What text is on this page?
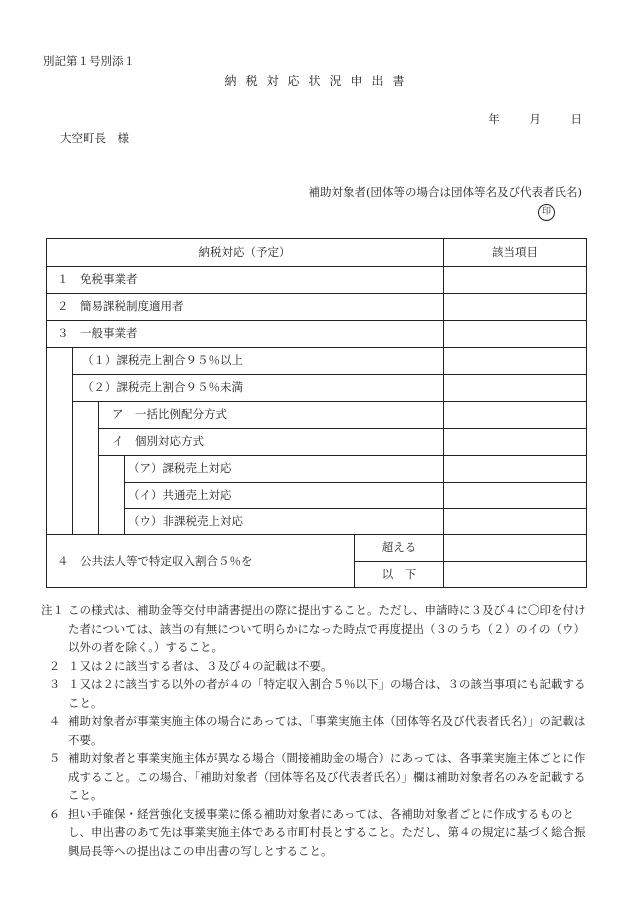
別記第１号別添１
納税対応状況申出書
年 月 日
大空町長　様
補助対象者(団体等の場合は団体等名及び代表者氏名)
印
納税対応（予定）	該当項目
１　免税事業者
２　簡易課税制度適用者
３　一般事業者
（１）課税売上割合９５％以上
（２）課税売上割合９５％未満
ア　一括比例配分方式
イ　個別対応方式
（ア）課税売上対応
（イ）共通売上対応
（ウ）非課税売上対応
４　公共法人等で特定収入割合５％を
超える
以　下
注１ この様式は、補助金等交付申請書提出の際に提出すること。ただし、申請時に３及び４に〇印を付けた者については、該当の有無について明らかになった時点で再度提出（３のうち（２）のイの（ウ）以外の者を除く。）すること。
２ １又は２に該当する者は、３及び４の記載は不要。
３ １又は２に該当する以外の者が４の「特定収入割合５％以下」の場合は、３の該当事項にも記載すること。
４ 補助対象者が事業実施主体の場合にあっては、「事業実施主体（団体等名及び代表者氏名）」の記載は不要。
５ 補助対象者と事業実施主体が異なる場合（間接補助金の場合）にあっては、各事業実施主体ごとに作成すること。この場合、「補助対象者（団体等名及び代表者氏名）」欄は補助対象者名のみを記載すること。
６ 担い手確保・経営強化支援事業に係る補助対象者にあっては、各補助対象者ごとに作成するものとし、申出書のあて先は事業実施主体である市町村長とすること。ただし、第４の規定に基づく総合振興局長等への提出はこの申出書の写しとすること。
